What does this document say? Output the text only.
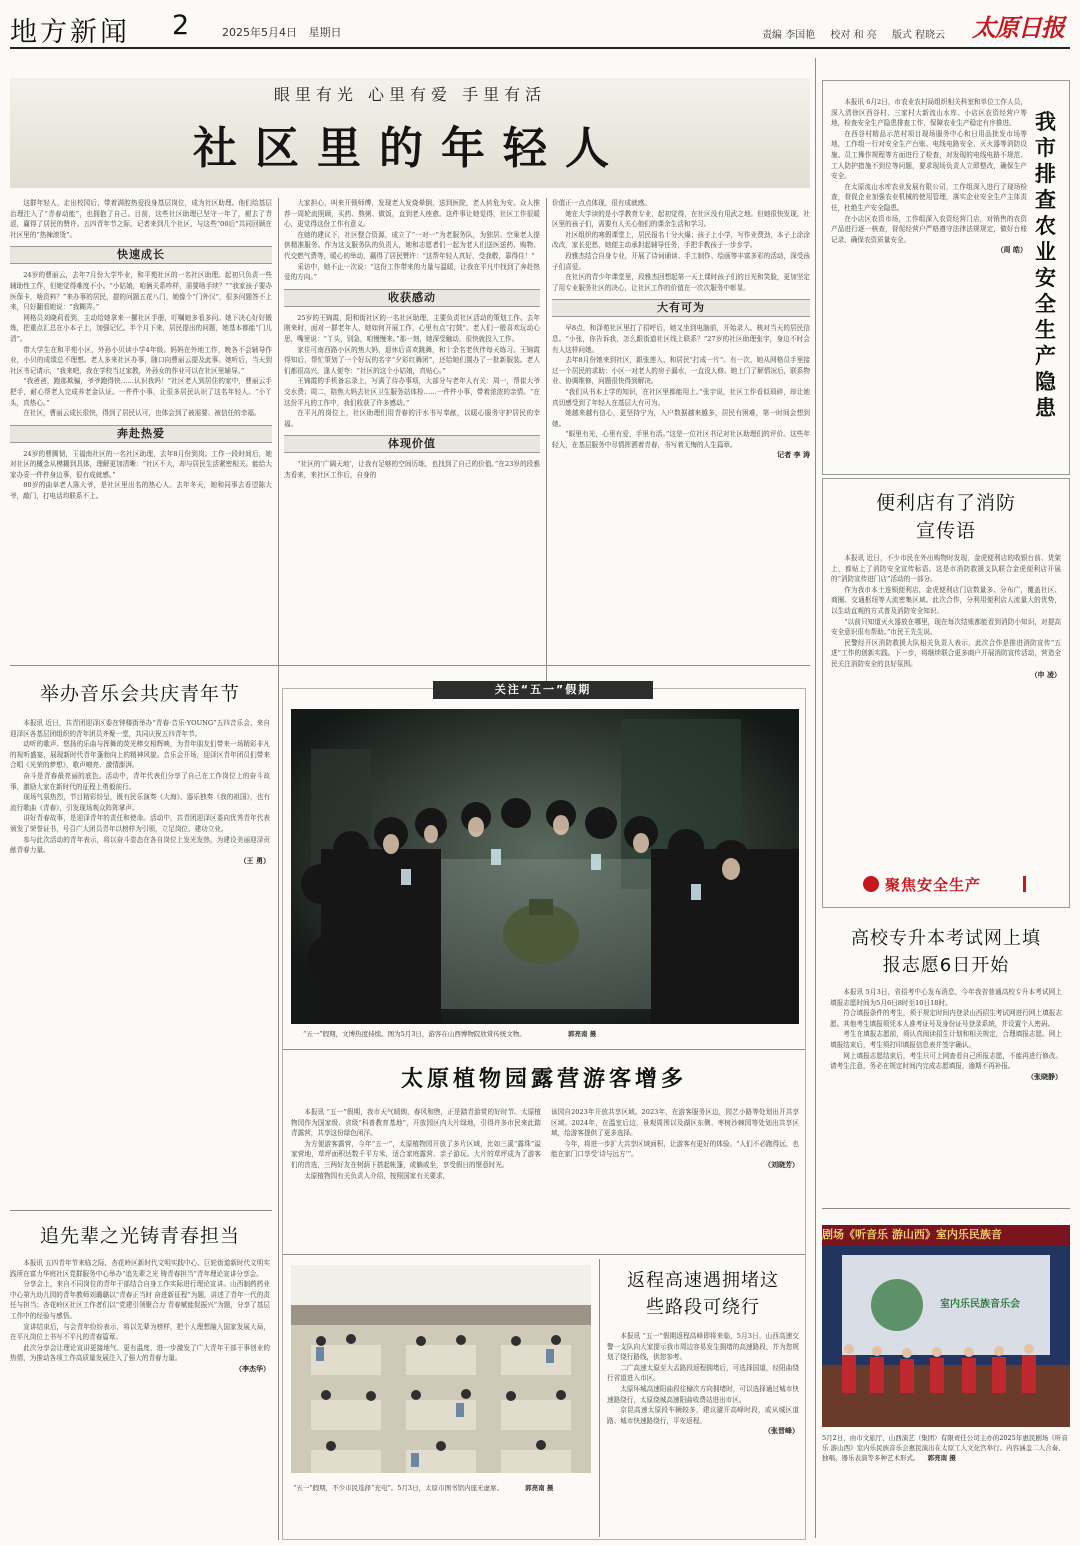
地方新闻 2	2025年5月4日 星期日	责编 李国艳 校对 和 亮 版式 程晓云 太原日报
眼里有光 心里有爱 手里有活
社区里的年轻人

这群年轻人，走出校园后，带着满腔热爱投身基层岗位，成为社区助理。他们给基层治理注入了“青春动能”，也拥抱了自己。目前，这些社区助理已坚守一年了，褪去了青涩，赢得了居民的赞许。五四青年节之际，记者来到几个社区，与这些“00后”共同回顾在社区里的“热辣滚烫”。

快速成长

24岁的曹丽云，去年7月份大学毕业，和平苑社区的一名社区助理。起初只负责一些辅助性工作，但她觉得难度不小。“小姑娘，咱俩关系咋样，需要啥手续？”“我家孩子要办医保卡，啥资料？”来办事的居民，提的问题五花八门，她像个“门外汉”，很多问题答不上来，只好翻看她说：“我糊弄。”

网格员刘晓莉看到，主动给她拿来一摞社区手册，叮嘱她多看多问。她下决心好好锻炼，把重点汇总在小本子上，加强记忆。半个月下来，居民提出的问题，她基本都能“门儿清”。

带大学生在和平苑小区，外孙小贝读小学4年级。妈妈在外地工作，晚各不会辅导作业，小贝的成绩总不理想。老人多来社区办事，随口向曹丽云提及此事。她听后，当天到社区书记请示，“我来吧，我在学校当过家教，外孙女的作业可以在社区里辅导。”

“我爸爸，跑那欺骗，爷爷跑得快……认识我吗！”社区老人到居住的家中，曹丽云手把手，耐心帮老人完成养老金认证。一件件小事，让很多居民认识了这名年轻人。“小丫头，真热心。”

在社区，曹丽云成长很快，得到了居民认可，也体会到了被需要、被信任的幸福。

奔赴热爱

24岁的曹腾韧，玉福南社区的一名社区助理，去年8月份到岗。工作一段时间后，她对社区的概念从模糊到具体，理解更加清晰：“社区不大，却与居民生活紧密相关。能给大家办妥一件件身边事，很有成就感。”

80岁的曲阜老人陈大爷，是社区里出名的热心人。去年冬天，她和同事去看望陈大爷，敲门，打电话均联系不上。

大家担心，叫来开锁师傅，发现老人发烧晕倒，送到医院，老人转危为安。众人推荐一周轮流照顾，买药、熬粥、做饭，直到老人痊愈。这件事让她觉得，社区工作很暖心，更觉得这份工作有意义。

在她的建议下，社区整合资源，成立了“一对一”为老服务队，为独居、空巢老人提供精准服务。作为这支服务队的负责人，她和志愿者们一起为老人们送医送药、购物、代交燃气费等，暖心的举动，赢得了居民赞许：“这帮年轻人真好，受我敬，靠得住！”

采访中，她不止一次说：“这份工作带来的力量与温暖，让我在平凡中找到了奔赴热爱的方向。”

收获感动

25岁的王锦霞，阳和街社区的一名社区助理，主要负责社区活动的策划工作。去年刚来时，面对一群老年人，她如何开展工作，心里有点“打鼓”。老人们一般喜欢玩动心思，嘴里说：“丫头，别急，咱慢慢来。”那一刻，她深受触动，很快就投入工作。

家住可南西路小区的焦大妈，退休后喜欢跳舞，和十余名老伙伴每天练习。王锦霞得知后，帮忙策划了一个好玩的名字“夕彩红舞团”，还给她们置办了一批新服装。老人们都很高兴，逢人便夸：“社区的这个小姑娘，真贴心。”

王锦霞的手机备忘录上，写满了待办事项，大部分与老年人有关：周一，帮崔大爷交水费；周二，陪焦大妈去社区卫生服务站体检……一件件小事，带着浓浓的亲情。“在这份平凡的工作中，我们收获了许多感动。”

在平凡的岗位上，社区助理们用青春的汗水书写奉献，以暖心服务守护居民的幸福。

体现价值

“社区的‘广阔天地’，让我有足够的空间历练，也找到了自己的价值。”在23岁的段雅杰看来，来社区工作后，自身的

价值正一点点体现，很有成就感。

她在大学读的是小学教育专业，起初觉得，在社区没有用武之地。但她很快发现，社区里的孩子们，需要有人关心他们的课余生活和学习。

社区组织的寒假课堂上，居民报名十分火爆；孩子上小学，写作业费劲，本子上涂涂改改，家长犯愁，她便主动承担起辅导任务，手把手教孩子一步步学。

段雅杰结合自身专业，开展了诗词诵读、手工制作、绘画等丰富多彩的活动，深受孩子们喜爱。

在社区的青少年课堂里，段雅杰回想起第一天上课时孩子们的目光和笑脸，更加坚定了用专业服务社区的决心，让社区工作的价值在一次次服务中彰显。

大有可为

早8点，和泽苑社区里打了招呼后，她又坐到电脑前，开始录入、核对当天的居民信息。“小张，你告诉我，怎么跟街道社区线上联系？”27岁的社区助理张宇，身边不时会有人这样问她。

去年8月份她来到社区，跟张莲入、和居民“打成一片”。有一次，她从网格员手里接过一个居民的求助：小区一对老人的房子漏水，一直没人修。她上门了解情况后，联系物业、协调维修，问题很快得到解决。

“我们从书本上学的知识，在社区里都能用上。”张宇说，社区工作看似琐碎，却让她真切感受到了年轻人在基层大有可为。

她越来越有信心，更坚持宁为，入户数据越来越多，居民有困难，第一时间会想到她。

“眼里有光，心里有爱，手里有活。”这是一位社区书记对社区助理们的评价。这些年轻人，在基层服务中尽情挥洒着青春，书写着无悔的人生篇章。

记者 李 涛
举办音乐会共庆青年节

本报讯 近日，共青团迎泽区委在钟楼街举办“青春·音乐·YOUNG”五四音乐会，来自迎泽区各基层团组织的青年团员齐聚一堂，共同庆祝五四青年节。

动听的歌声、悠扬的乐曲与挥舞的荧光棒交相辉映，为青年朋友们带来一场精彩非凡的视听盛宴，展现新时代青年蓬勃向上的精神风貌。音乐会开场，迎泽区青年团员们带来合唱《光荣的梦想》，歌声嘹亮、激情澎湃。

奋斗是青春最亮丽的底色。活动中，青年代表们分享了自己在工作岗位上的奋斗故事，激励大家在新时代的征程上勇毅前行。

现场气氛热烈，节目精彩纷呈，既有民乐演奏《大海》、器乐独奏《我的祖国》，也有流行歌曲《青春》，引发现场观众阵阵掌声。

讲好青春故事，是迎泽青年的责任和使命。活动中，共青团迎泽区委向优秀青年代表颁发了荣誉证书，号召广大团员青年以榜样为引领，立足岗位、建功立业。

参与此次活动的青年表示，将以奋斗姿态在各自岗位上发光发热，为建设美丽迎泽贡献青春力量。

（王 勇）
追先辈之光铸青春担当

本报讯 五四青年节来临之际，杏花岭区新时代文明实践中心、巨轮街道新时代文明实践所在富力华庭社区党群服务中心举办“追先辈之光 铸青春担当”青年理论宣讲分享会。

分享会上，来自不同岗位的青年干部结合自身工作实际进行理论宣讲。山西制药药业中心第九幼儿园的青年教师刘璐璐以“青春正当时 奋进新征程”为题，讲述了青年一代的责任与担当；杏花岭区社区工作者们以“党建引领聚合力 青春赋能促振兴”为题，分享了基层工作中的经验与感悟。

宣讲结束后，与会青年纷纷表示，将以先辈为榜样，把个人理想融入国家发展大局，在平凡岗位上书写不平凡的青春篇章。

此次分享会让理论宣讲更接地气、更有温度，进一步激发了广大青年干部干事创业的热情，为推动各项工作高质量发展注入了强大的青春力量。

（李杰华）
关注“五一”假期
“五一”假期，文博热度持续。图为5月3日，游客在山西博物院欣赏传统文物。	郭亮南 摄
太原植物园露营游客增多

本报讯 “五一”假期，我市天气晴朗，春风和煦，正是踏青游赏的好时节。太原植物园作为国家级、省级“科普教育基地”，开放园区内大片绿地，引得许多市民来此踏青露营，共享这份绿色闲洋。

为方便游客露营，今年“五一”，太原植物园开放了多片区域，比如三溪“露珠”溢家营地，草坪面积达数千平方米，适合家庭露营、亲子游玩。大片的草坪成为了游客们的首选，三两好友在树荫下搭起帐篷，或躺或坐，享受假日的惬意时光。

太原植物园有关负责人介绍，按照国家有关要求，

该园自2023年开放共享区域。2023年，在游客服务区边，园艺小路等处划出开共享区域。2024年，在温室后边，景观周围以及湖区东侧、枣树沙棘园等处划出共享区域，给游客提供了更多选择。

今年，将进一步扩大共享区域面积，让游客有更好的体验。“人们不必跑得远，也能在家门口享受‘诗与远方’”。

（刘晓芳）
“五一”假期，不少市民选择“充电”。5月3日，太原市图书馆内座无虚席。	郭亮南 摄
返程高速遇拥堵这些路段可绕行

本报讯 “五一”假期返程高峰即将来临，5月3日，山西高速交警一支队向大家提示我市周边容易发生拥堵的高速路段，并为您规划了绕行路线，供您参考。

二广高速太原至大盂路段返程拥堵后，可选择国道，经阳曲绕行省道进入市区。

太原环城高速阳曲段往榆次方向拥堵时，可以选择通过城市快速路绕行，太原绕城高速阳曲收费站进出市区。

京昆高速太原段车辆较多，建议避开高峰时段，或从城区道路、城市快速路绕行，平安返程。

（张晋峰）

本报讯 6月2日，市农业农村局组织相关科室和单位工作人员，深入清徐区西谷村、三家村大新流山水库、小店区农资经营户等地，检查安全生产隐患排查工作，保障农业生产稳定有序推进。

在西谷村精品示范村项目现场服务中心和日用品批发市场等地，工作组一行对安全生产台账、电线电路安全、灭火器等消防设施、员工操作规程等方面进行了检查，对发现的电线电路不规范、工人防护措施不到位等问题，要求现场负责人立即整改，确保生产安全。

在太原流山水库农业发展有限公司，工作组深入进行了现场检查，督促企业加强农业机械的使用管理，落实企业安全生产主体责任，杜绝生产安全隐患。

在小店区农资市场，工作组深入农资经营门店，对销售的农资产品进行逐一核查，督促经营户严格遵守法律法规规定，做好台账记录，确保农资质量安全。

（周 皓）
我市排查农业安全生产隐患
便利店有了消防宣传语

本报讯 近日，不少市民在外出购物时发现，金虎便利店的收银台前、货架上，都贴上了消防安全宣传标语。这是市消防救援支队联合金虎便利店开展的“消防宣传进门店”活动的一部分。

作为我市本土连锁便利店，金虎便利店门店数量多、分布广，覆盖社区、商圈、交通枢纽等人流密集区域。此次合作，分利用便利店人流量大的优势，以生动直观的方式普及消防安全知识。

“以前只知道灭火器放在哪里，现在每次结账都能看到消防小知识，对提高安全意识很有帮助。”市民王先生说。

民警经开区消防救援大队相关负责人表示，此次合作是推进消防宣传“五进”工作的创新实践。下一步，将继续联合更多商户开展消防宣传活动，营造全民关注消防安全的良好氛围。

（申 凌）
聚焦安全生产
高校专升本考试网上填报志愿6日开始

本报讯 5月3日，省招考中心发布消息，今年我省普通高校专升本考试网上填报志愿时间为5月6日8时至10日18时。

符合填报条件的考生，须于规定时间内登录山西招生考试网进行网上填报志愿。其他考生填报须凭本人准考证号及身份证号登录系统，并设置个人密码。

考生在填报志愿前，须认真阅读招生计划和相关规定，合理填报志愿。网上填报结束后，考生须打印填报信息表并签字确认。

网上填报志愿结束后，考生只可上网查看自己所报志愿，不能再进行修改。请考生注意，务必在规定时间内完成志愿填报，逾期不再补报。

（张晓静）
剧场《听音乐 游山西》室内乐民族音
室内乐民族音乐会
5月2日，由市文旅厅、山西演艺（集团）有限责任公司主办的2025年惠民剧场《听音乐 游山西》室内乐民族音乐会惠民演出在太原工人文化宫举行。内容涵盖二人合奏、独唱、器乐表演等多种艺术形式。 郭亮南 摄
